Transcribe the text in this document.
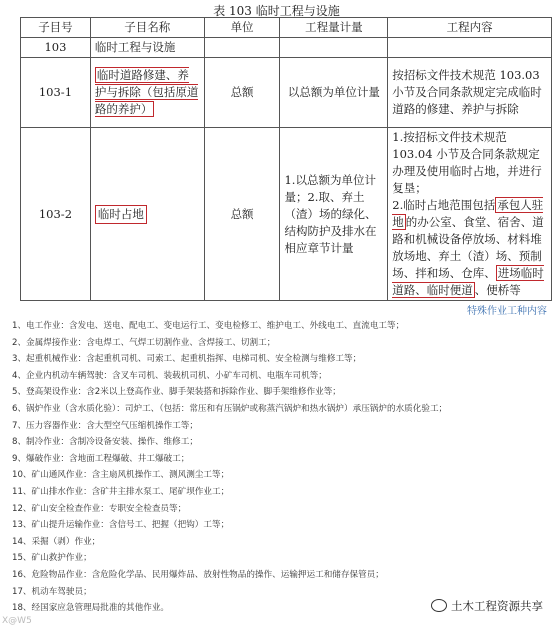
表 103 临时工程与设施
子目号	子目名称	单位	工程量计量	工程内容
103	临时工程与设施			
103-1	临时道路修建、养护与拆除（包括原道路的养护）	总额	以总额为单位计量	按招标文件技术规范 103.03 小节及合同条款规定完成临时道路的修建、养护与拆除
103-2	临时占地	总额	1.以总额为单位计量；2.取、弃土（渣）场的绿化、结构防护及排水在相应章节计量	1.按招标文件技术规范 103.04 小节及合同条款规定办理及使用临时占地，并进行复垦；
2.临时占地范围包括 承包人驻地 的办公室、食堂、宿舍、道路和机械设备停放场、材料堆放场地、弃土（渣）场、预制场、拌和场、仓库、 进场临时道路、临时便道 、便桥等
特殊作业工种内容
1、电工作业：含发电、送电、配电工、变电运行工、变电检修工、维护电工、外线电工、直流电工等；
2、金属焊接作业：含电焊工、气焊工切割作业、含焊接工、切割工；
3、起重机械作业：含起重机司机、司索工、起重机指挥、电梯司机、安全检测与维修工等；
4、企业内机动车辆驾驶：含叉车司机、装载机司机、小矿车司机、电瓶车司机等；
5、登高架设作业：含2米以上登高作业、脚手架装搭和拆除作业、脚手架维修作业等；
6、锅炉作业（含水质化验）：司炉工、（包括：常压和有压锅炉或称蒸汽锅炉和热水锅炉）承压锅炉的水质化验工；
7、压力容器作业：含大型空气压缩机操作工等；
8、制冷作业：含制冷设备安装、操作、维修工；
9、爆破作业：含地面工程爆破、井工爆破工；
10、矿山通风作业：含主扇风机操作工、测风测尘工等；
11、矿山排水作业：含矿井主排水泵工、尾矿坝作业工；
12、矿山安全检查作业：专职安全检查员等；
13、矿山提升运输作业：含信号工、把握（把钩）工等；
14、采掘（剥）作业；
15、矿山救护作业；
16、危险物品作业：含危险化学品、民用爆炸品、放射性物品的操作、运输押运工和储存保管员；
17、机动车驾驶员；
18、经国家应急管理局批准的其他作业。	土木工程资源共享
X@W5
